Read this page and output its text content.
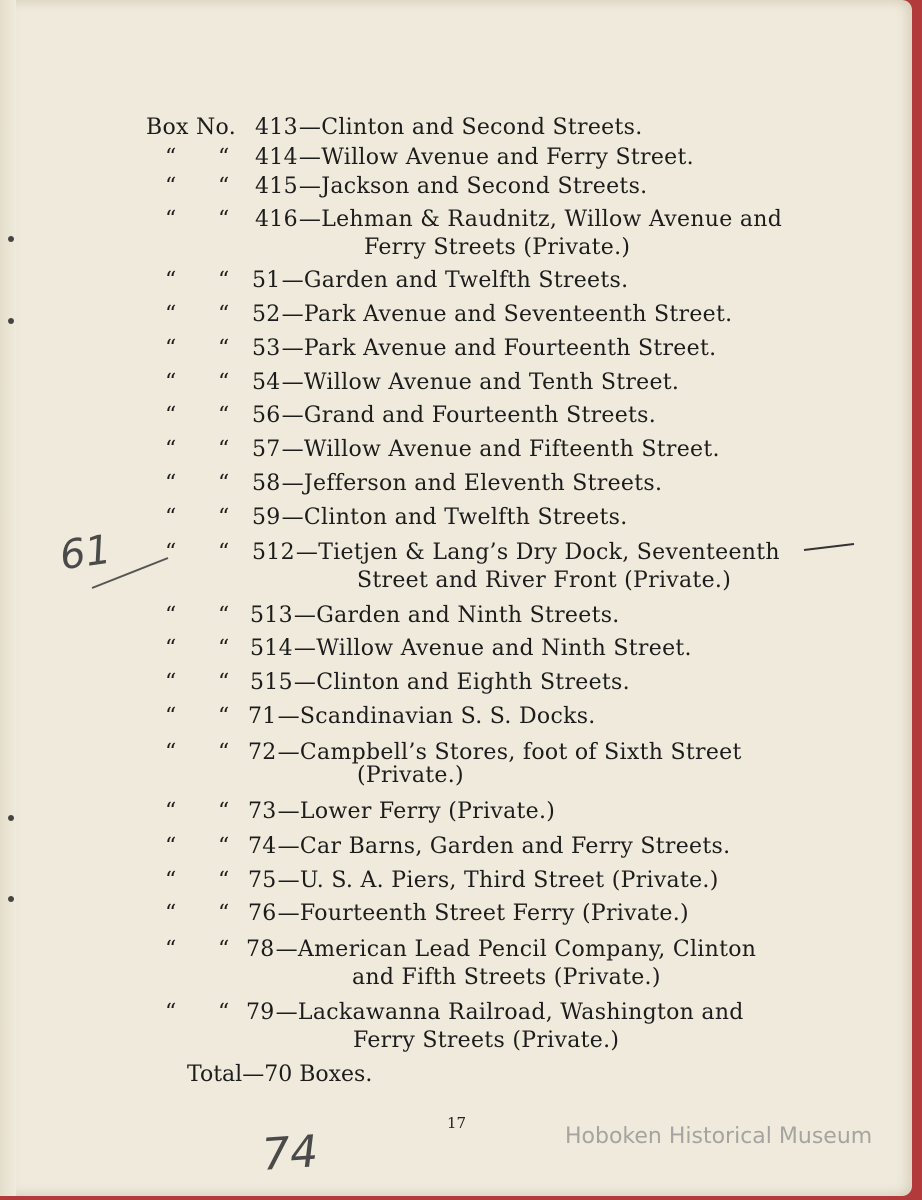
Box No. 413 —Clinton and Second Streets.
“ “ 414 —Willow Avenue and Ferry Street.
“ “ 415 —Jackson and Second Streets.
“ “ 416 —Lehman & Raudnitz, Willow Avenue and
Ferry Streets (Private.)
“ “ 51 —Garden and Twelfth Streets.
“ “ 52 —Park Avenue and Seventeenth Street.
“ “ 53 —Park Avenue and Fourteenth Street.
“ “ 54 —Willow Avenue and Tenth Street.
“ “ 56 —Grand and Fourteenth Streets.
“ “ 57 —Willow Avenue and Fifteenth Street.
“ “ 58 —Jefferson and Eleventh Streets.
“ “ 59 —Clinton and Twelfth Streets.
“ “ 512 —Tietjen & Lang’s Dry Dock, Seventeenth
Street and River Front (Private.)
“ “ 513 —Garden and Ninth Streets.
“ “ 514 —Willow Avenue and Ninth Street.
“ “ 515 —Clinton and Eighth Streets.
“ “ 71 —Scandinavian S. S. Docks.
“ “ 72 —Campbell’s Stores, foot of Sixth Street
(Private.)
“ “ 73 —Lower Ferry (Private.)
“ “ 74 —Car Barns, Garden and Ferry Streets.
“ “ 75 —U. S. A. Piers, Third Street (Private.)
“ “ 76 —Fourteenth Street Ferry (Private.)
“ “ 78 —American Lead Pencil Company, Clinton
and Fifth Streets (Private.)
“ “ 79 —Lackawanna Railroad, Washington and
Ferry Streets (Private.)
Total—70 Boxes.
17
Hoboken Historical Museum
61
74
